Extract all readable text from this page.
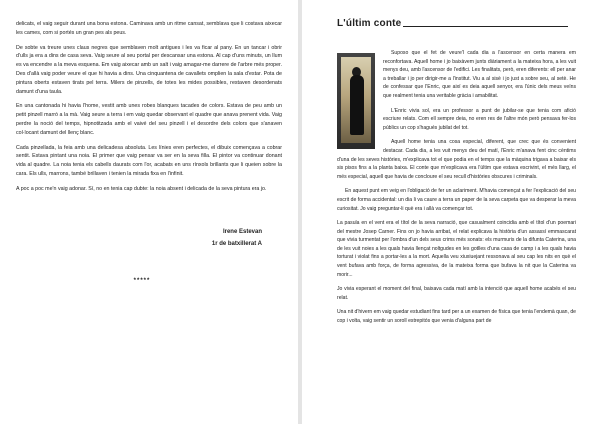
delicats, el vaig seguir durant una bona estona. Caminava amb un ritme cansat, semblava que li costava aixecar les cames, com si portés un gran pes als peus.

De sobte va treure unes claus negres que semblaven molt antigues i les va ficar al pany. En un tancar i obrir d'ulls ja era a dins de casa seva. Vaig seure al seu portal per descansar una estona. Al cap d'uns minuts, un llum es va encendre a la meva esquena. Em vaig aixecar amb un salt i vaig amagar-me darrere de l'arbre més proper. Des d'allà vaig poder veure el que hi havia a dins. Una cinquantena de cavallets omplien la sala d'estar. Pota de pintura oberts estaven tirats pel terra. Milers de pinzells, de totes les mides possibles, restaven desordenats damunt d'una taula.

En una cantonada hi havia l'home, vestit amb unes robes blanques tacades de colors. Estava de peu amb un petit pinzell marró a la mà. Vaig seure a terra i em vaig quedar observant el quadre que anava prenent vida. Vaig perdre la noció del temps, hipnotitzada amb el vaivé del seu pinzell i el desordre dels colors que s'anaven col·locant damunt del llenç blanc.

Cada pinzellada, la feia amb una delicadesa absoluta. Les línies eren perfectes, el dibuix començava a cobrar sentit. Estava pintant una noia. El primer que vaig pensar va ser en la seva filla. El pintor va continuar donant vida al quadre. La noia tenia els cabells daurats com l'or, acabats en uns rínxols brillants que li queien sobre la cara. Els ulls, marrons, també brillaven i tenien la mirada fixa en l'infinit.

A poc a poc me'n vaig adonar. Sí, no en tenia cap dubte: la noia absent i delicada de la seva pintura era jo.

Irene Estevan
1r de batxillerat A
*****
L'últim conte

Suposo que el fet de veure'l cada dia a l'ascensor en certa manera em reconfortava. Aquell home i jo baixàvem junts diàriament a la mateixa hora, a les vuit menys deu, amb l'ascensor de l'edifici. Les finalitats, però, eren diferents: ell per anar a treballar i jo per dirigir-me a l'institut. Viu a al sisè i jo just a sobre seu, al setè. He de confessar que l'Enric, que així es deia aquell senyor, era l'únic dels meus veïns que realment tenia una veritable gràcia i amabilitat.

L'Enric vivia sol, era un professor a punt de jubilar-se que tenia com afició escriure relats. Com ell sempre deia, no eren res de l'altre món però pensava fer-los públics un cop s'hagués jubilat del tot.

Aquell home tenia una cosa especial, diferent, que crec que és convenient destacar. Cada dia, a les vuit menys deu del matí, l'Enric m'anava fent cinc cèntims d'una de les seves històries, m'explicava tot el que podia en el temps que la màquina trigava a baixar els sis pisos fins a la planta baixa. El conte que m'explicava era l'últim que estava escrivint, el més llarg, el més especial, aquell que havia de concloure el seu recull d'històries obscures i criminals.

En aquest punt em veig en l'obligació de fer un aclariment. M'havia començat a fer l'explicació del seu escrit de forma accidental: un dia li va caure a terra un paper de la seva carpeta que va desperar la meva curiositat. Jo vaig preguntar-li què era i allà va començar tot.

La pasula en el vent era el títol de la seva narració, que casualment coincidia amb el títol d'un poemari del mestre Josep Carner. Fins on jo havia arribat, el relat explicava la història d'un assassí emmascarat que vivia turmentat per l'ombra d'un dels seus crims més sonats: els murmuris de la difunta Caterina, una de les vuit noies a les quals havia llençat noltgudes en les gotlles d'una casa de camp i a les quals havia torturat i violat fins a portar-les a la mort. Aquella veu xiuxiuejant ressonava al seu cap les nits en què el vent bufava amb força, de forma agressiva, de la mateixa forma que bufava la nit que la Caterina va morir...

Jo vivia esperant el moment del final, baixava cada matí amb la intenció que aquell home acabés el seu relat.

Una nit d'hivern em vaig quedar estudiant fins tard per a un examen de física que tenia l'endemà quan, de cop i volta, vaig sentir un soroll estrepitós que venia d'alguna part de
